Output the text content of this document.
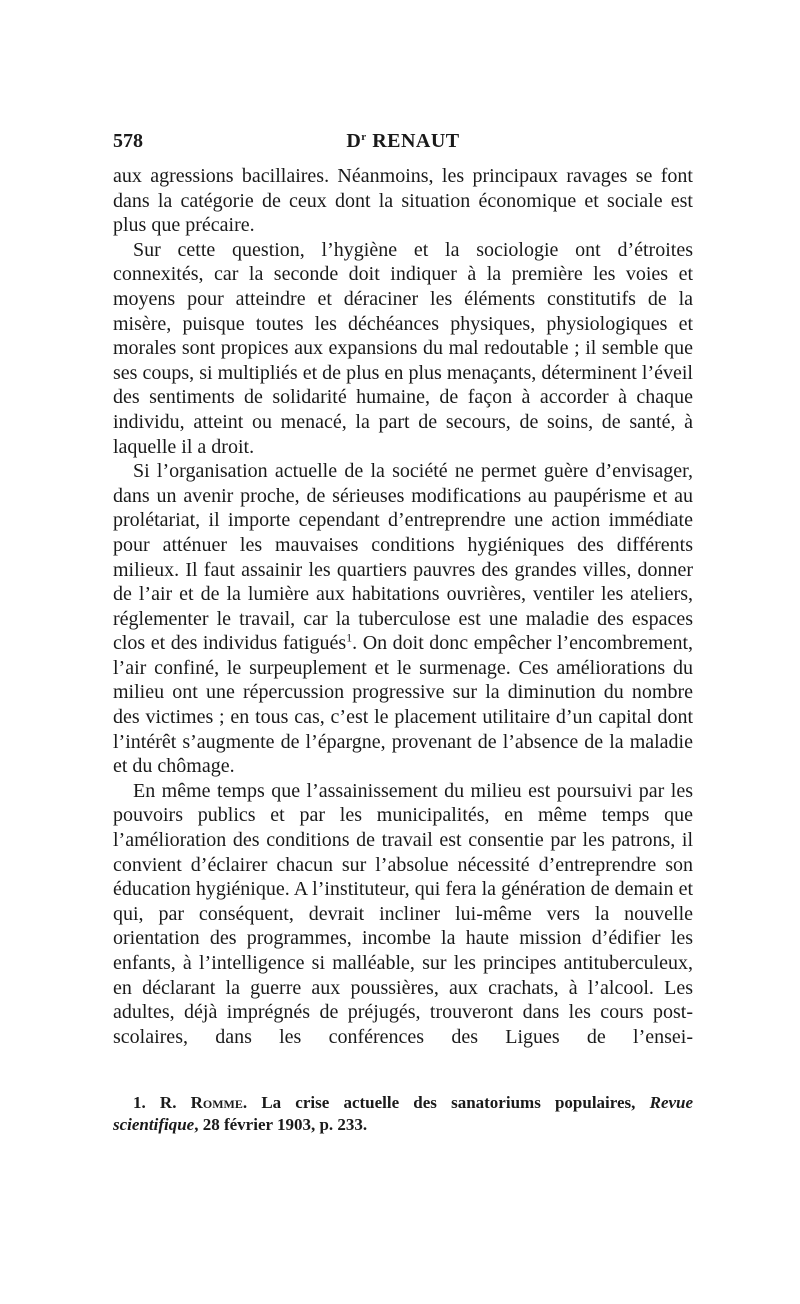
578	$D^r$ RENAUT

aux agressions bacillaires. Néanmoins, les principaux ravages se font dans la catégorie de ceux dont la situation économique et sociale est plus que précaire.

Sur cette question, l’hygiène et la sociologie ont d’étroites connexités, car la seconde doit indiquer à la première les voies et moyens pour atteindre et déraciner les éléments constitutifs de la misère, puisque toutes les déchéances physiques, physiologiques et morales sont propices aux expansions du mal redoutable ; il semble que ses coups, si multipliés et de plus en plus menaçants, déterminent l’éveil des sentiments de solidarité humaine, de façon à accorder à chaque individu, atteint ou menacé, la part de secours, de soins, de santé, à laquelle il a droit.

Si l’organisation actuelle de la société ne permet guère d’envisager, dans un avenir proche, de sérieuses modifications au paupérisme et au prolétariat, il importe cependant d’entreprendre une action immédiate pour atténuer les mauvaises conditions hygiéniques des différents milieux. Il faut assainir les quartiers pauvres des grandes villes, donner de l’air et de la lumière aux habitations ouvrières, ventiler les ateliers, réglementer le travail, car la tuberculose est une maladie des espaces clos et des individus fatigués$^1$. On doit donc empêcher l’encombrement, l’air confiné, le surpeuplement et le surmenage. Ces améliorations du milieu ont une répercussion progressive sur la diminution du nombre des victimes ; en tous cas, c’est le placement utilitaire d’un capital dont l’intérêt s’augmente de l’épargne, provenant de l’absence de la maladie et du chômage.

En même temps que l’assainissement du milieu est poursuivi par les pouvoirs publics et par les municipalités, en même temps que l’amélioration des conditions de travail est consentie par les patrons, il convient d’éclairer chacun sur l’absolue nécessité d’entreprendre son éducation hygiénique. A l’instituteur, qui fera la génération de demain et qui, par conséquent, devrait incliner lui-même vers la nouvelle orientation des programmes, incombe la haute mission d’édifier les enfants, à l’intelligence si malléable, sur les principes antituberculeux, en déclarant la guerre aux poussières, aux crachats, à l’alcool. Les adultes, déjà imprégnés de préjugés, trouveront dans les cours post-scolaires, dans les conférences des Ligues de l’ensei-

1. R. Romme. La crise actuelle des sanatoriums populaires, Revue scientifique, 28 février 1903, p. 233.
